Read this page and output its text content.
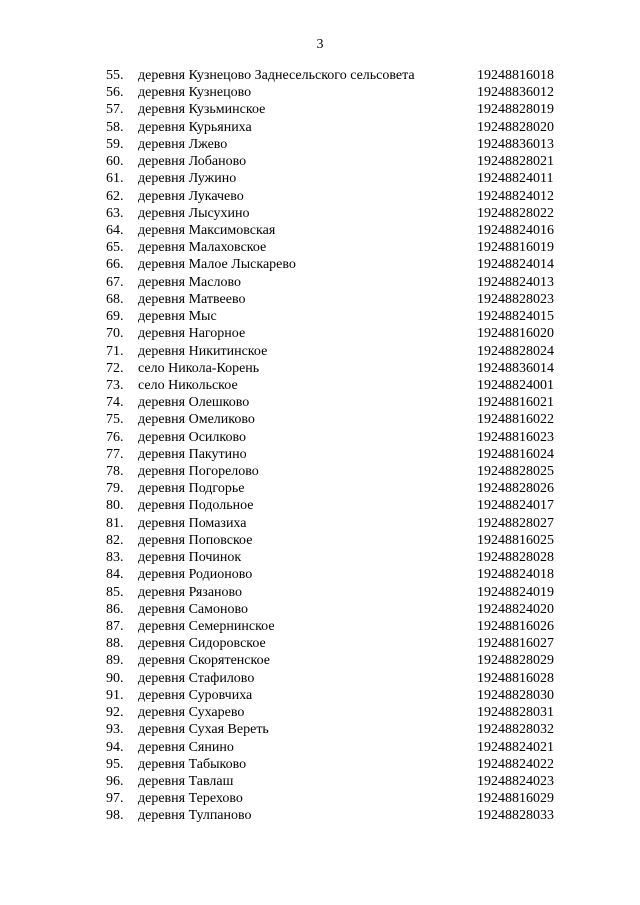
3
55.	деревня Кузнецово Заднесельского сельсовета	19248816018
56.	деревня Кузнецово	19248836012
57.	деревня Кузьминское	19248828019
58.	деревня Курьяниха	19248828020
59.	деревня Лжево	19248836013
60.	деревня Лобаново	19248828021
61.	деревня Лужино	19248824011
62.	деревня Лукачево	19248824012
63.	деревня Лысухино	19248828022
64.	деревня Максимовская	19248824016
65.	деревня Малаховское	19248816019
66.	деревня Малое Лыскарево	19248824014
67.	деревня Маслово	19248824013
68.	деревня Матвеево	19248828023
69.	деревня Мыс	19248824015
70.	деревня Нагорное	19248816020
71.	деревня Никитинское	19248828024
72.	село Никола-Корень	19248836014
73.	село Никольское	19248824001
74.	деревня Олешково	19248816021
75.	деревня Омеликово	19248816022
76.	деревня Осилково	19248816023
77.	деревня Пакутино	19248816024
78.	деревня Погорелово	19248828025
79.	деревня Подгорье	19248828026
80.	деревня Подольное	19248824017
81.	деревня Помазиха	19248828027
82.	деревня Поповское	19248816025
83.	деревня Починок	19248828028
84.	деревня Родионово	19248824018
85.	деревня Рязаново	19248824019
86.	деревня Самоново	19248824020
87.	деревня Семернинское	19248816026
88.	деревня Сидоровское	19248816027
89.	деревня Скорятенское	19248828029
90.	деревня Стафилово	19248816028
91.	деревня Суровчиха	19248828030
92.	деревня Сухарево	19248828031
93.	деревня Сухая Вереть	19248828032
94.	деревня Сянино	19248824021
95.	деревня Табыково	19248824022
96.	деревня Тавлаш	19248824023
97.	деревня Терехово	19248816029
98.	деревня Тулпаново	19248828033
